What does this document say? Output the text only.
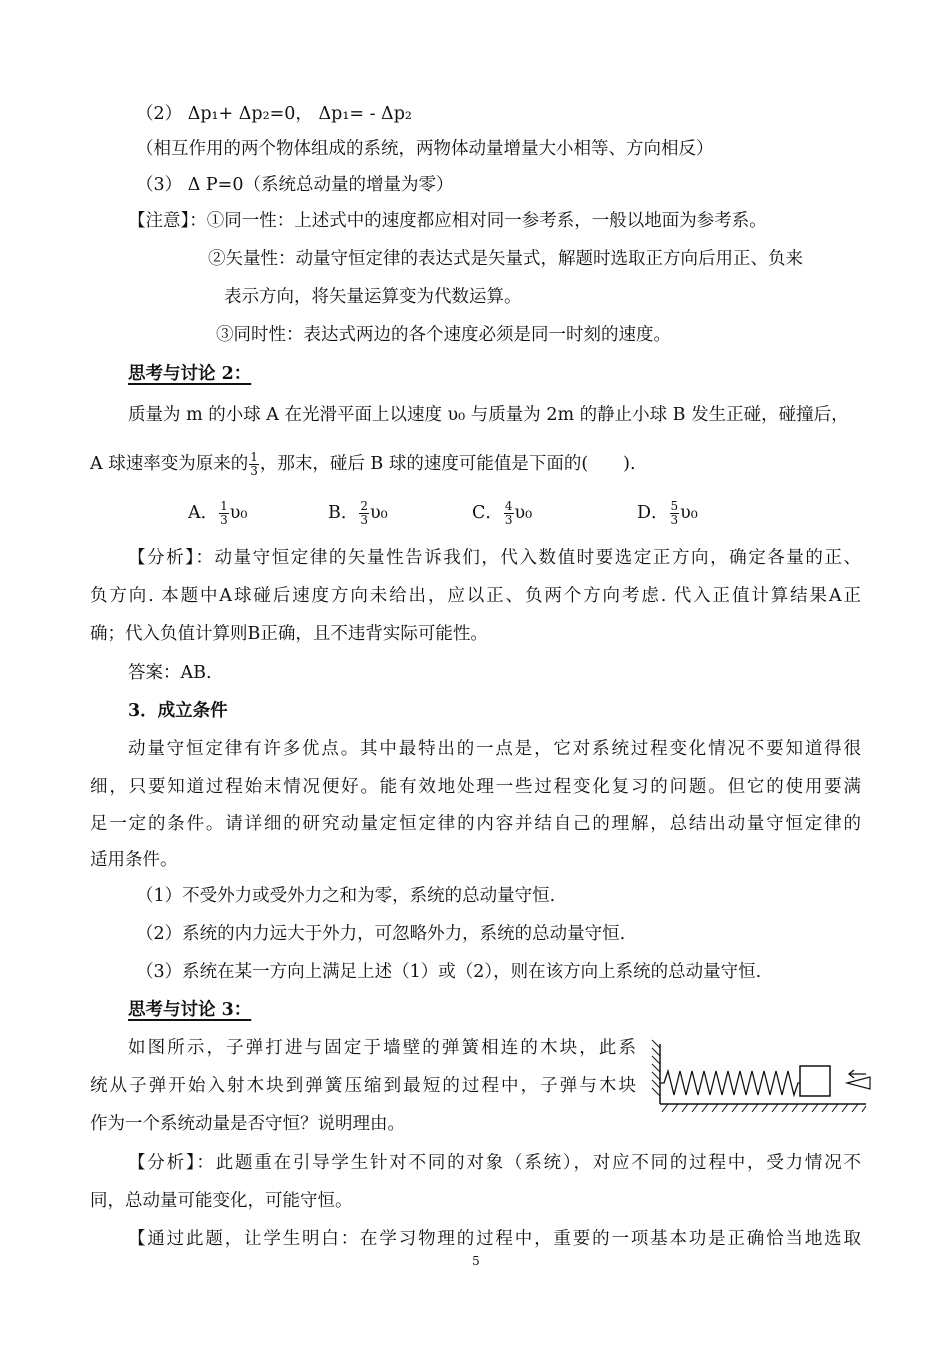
（2） Δp₁+ Δp₂=0， Δp₁= - Δp₂
（相互作用的两个物体组成的系统，两物体动量增量大小相等、方向相反）
（3） Δ P=0（系统总动量的增量为零）
【注意】：①同一性：上述式中的速度都应相对同一参考系，一般以地面为参考系。
②矢量性：动量守恒定律的表达式是矢量式，解题时选取正方向后用正、负来
表示方向，将矢量运算变为代数运算。
③同时性：表达式两边的各个速度必须是同一时刻的速度。
思考与讨论 2：
质量为 m 的小球 A 在光滑平面上以速度 υ₀ 与质量为 2m 的静止小球 B 发生正碰，碰撞后，
A 球速率变为原来的 $\frac{1}{3}$ ，那末，碰后 B 球的速度可能值是下面的(　　).
A． $\frac{1}{3} \upsilon_0$	B． $\frac{2}{3} \upsilon_0$	C． $\frac{4}{3} \upsilon_0$	D． $\frac{5}{3} \upsilon_0$
【分析】：动量守恒定律的矢量性告诉我们，代入数值时要选定正方向，确定各量的正、
负方向. 本题中A球碰后速度方向未给出，应以正、负两个方向考虑. 代入正值计算结果A正
确；代入负值计算则B正确，且不违背实际可能性。
答案：AB.
3．成立条件
动量守恒定律有许多优点。其中最特出的一点是，它对系统过程变化情况不要知道得很
细，只要知道过程始末情况便好。能有效地处理一些过程变化复习的问题。但它的使用要满
足一定的条件。请详细的研究动量定恒定律的内容并结自己的理解，总结出动量守恒定律的
适用条件。
（1）不受外力或受外力之和为零，系统的总动量守恒.
（2）系统的内力远大于外力，可忽略外力，系统的总动量守恒.
（3）系统在某一方向上满足上述（1）或（2），则在该方向上系统的总动量守恒.
思考与讨论 3：
如图所示，子弹打进与固定于墙壁的弹簧相连的木块，此系
统从子弹开始入射木块到弹簧压缩到最短的过程中，子弹与木块
作为一个系统动量是否守恒？说明理由。
【分析】：此题重在引导学生针对不同的对象（系统），对应不同的过程中，受力情况不
同，总动量可能变化，可能守恒。
【通过此题，让学生明白：在学习物理的过程中，重要的一项基本功是正确恰当地选取
5
